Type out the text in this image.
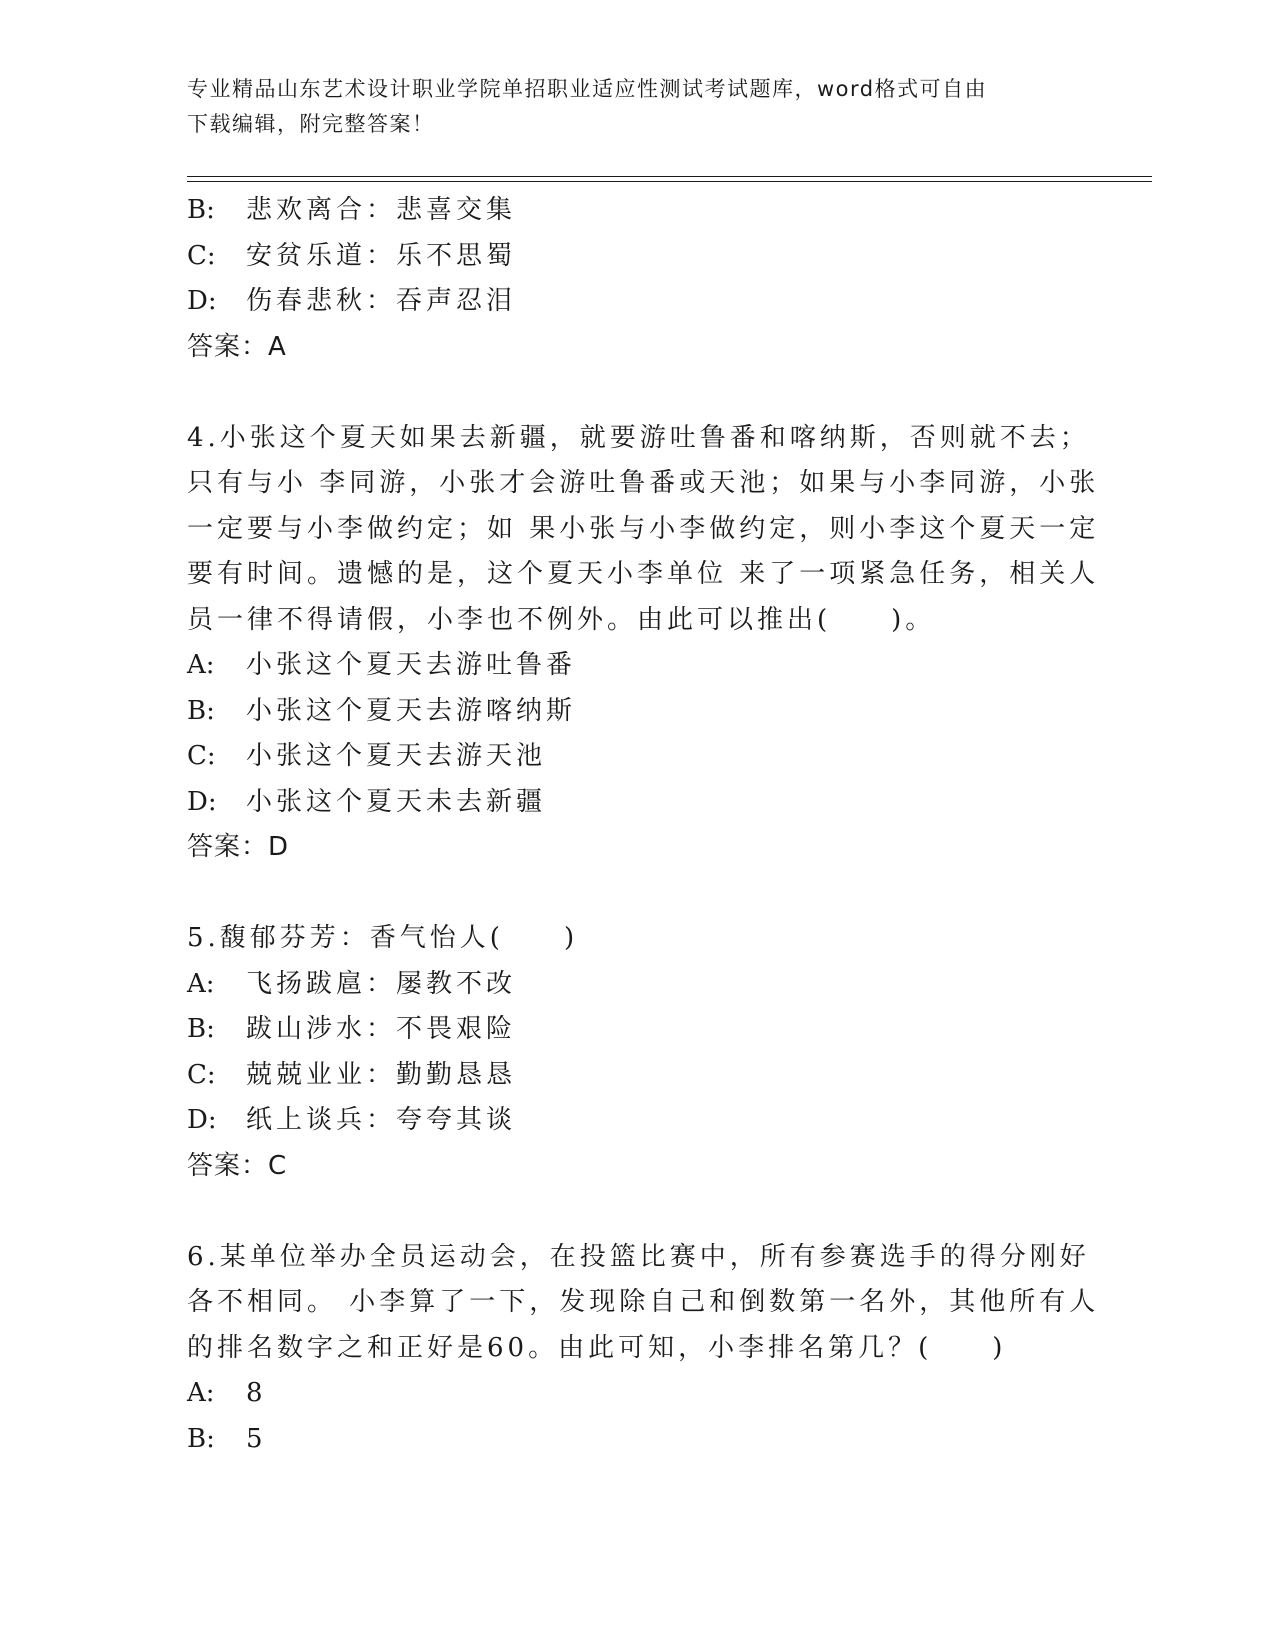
专业精品山东艺术设计职业学院单招职业适应性测试考试题库，word格式可自由
下载编辑，附完整答案！
B:	悲欢离合：悲喜交集
C:	安贫乐道：乐不思蜀
D:	伤春悲秋：吞声忍泪
答案：A
4.小张这个夏天如果去新疆，就要游吐鲁番和喀纳斯，否则就不去；
只有与小 李同游，小张才会游吐鲁番或天池；如果与小李同游，小张
一定要与小李做约定；如 果小张与小李做约定，则小李这个夏天一定
要有时间。遗憾的是，这个夏天小李单位 来了一项紧急任务，相关人
员一律不得请假，小李也不例外。由此可以推出(　　)。
A:	小张这个夏天去游吐鲁番
B:	小张这个夏天去游喀纳斯
C:	小张这个夏天去游天池
D:	小张这个夏天未去新疆
答案：D
5.馥郁芬芳：香气怡人(　　)
A:	飞扬跋扈：屡教不改
B:	跋山涉水：不畏艰险
C:	兢兢业业：勤勤恳恳
D:	纸上谈兵：夸夸其谈
答案：C
6.某单位举办全员运动会，在投篮比赛中，所有参赛选手的得分刚好
各不相同。 小李算了一下，发现除自己和倒数第一名外，其他所有人
的排名数字之和正好是60。由此可知，小李排名第几？(　　)
A:	8
B:	5
